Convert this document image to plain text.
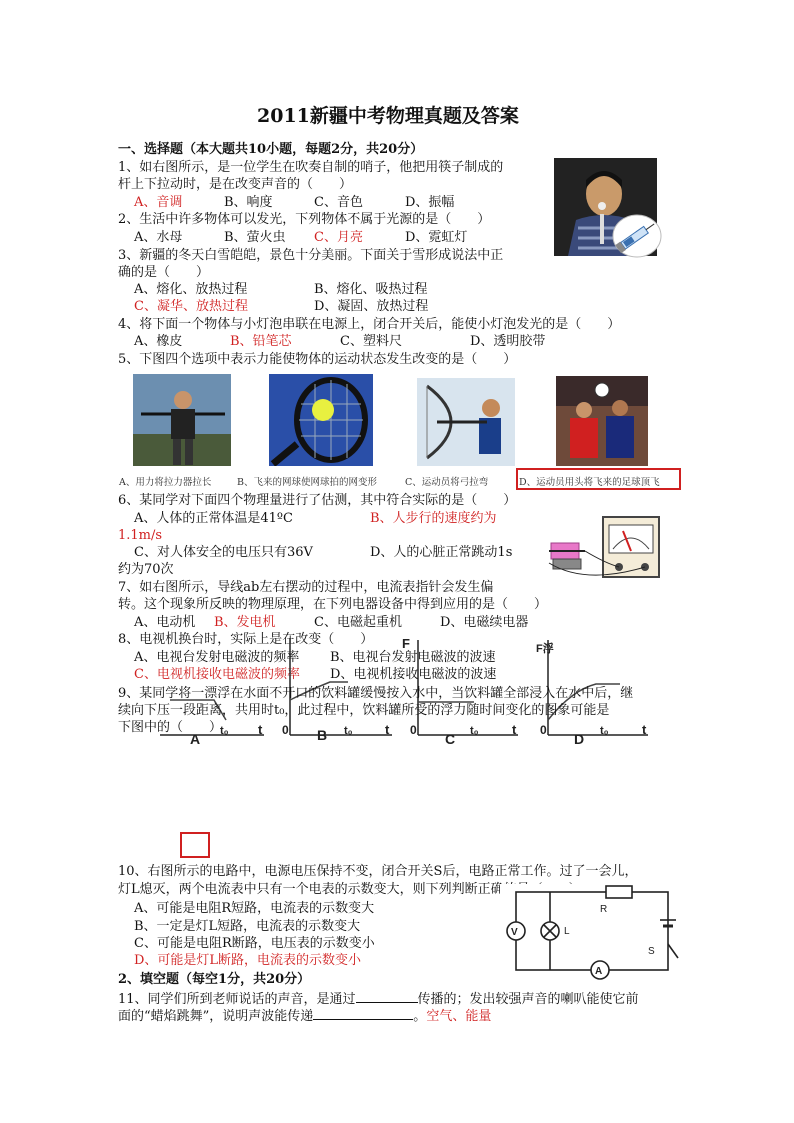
2011新疆中考物理真题及答案
一、选择题（本大题共10小题，每题2分，共20分）
1、如右图所示，是一位学生在吹奏自制的哨子，他把用筷子制成的
杆上下拉动时，是在改变声音的（　　）
A、音调	B、响度	C、音色	D、振幅
2、生活中许多物体可以发光，下列物体不属于光源的是（　　）
A、水母	B、萤火虫 C、月亮	D、霓虹灯
3、新疆的冬天白雪皑皑，景色十分美丽。下面关于雪形成说法中正
确的是（　　）
A、熔化、放热过程	B、熔化、吸热过程
C、凝华、放热过程	D、凝固、放热过程
4、将下面一个物体与小灯泡串联在电源上，闭合开关后，能使小灯泡发光的是（　　）
A、橡皮	B、铅笔芯	C、塑料尺	D、透明胶带
5、下图四个选项中表示力能使物体的运动状态发生改变的是（　　）
A、用力将拉力器拉长	B、飞来的网球使网球拍的网变形	C、运动员将弓拉弯	D、运动员用头将飞来的足球顶飞
6、某同学对下面四个物理量进行了估测，其中符合实际的是（　　）
A、人体的正常体温是41ºC	B、人步行的速度约为
1.1m/s
C、对人体安全的电压只有36V	D、人的心脏正常跳动1s
约为70次
7、如右图所示，导线ab左右摆动的过程中，电流表指针会发生偏
转。这个现象所反映的物理原理，在下列电器设备中得到应用的是（　　）
A、电动机 B、发电机	C、电磁起重机	D、电磁续电器
8、电视机换台时，实际上是在改变（　　）
A、电视台发射电磁波的频率 B、电视台发射电磁波的波速
C、电视机接收电磁波的频率 D、电视机接收电磁波的波速
A t₀ t
F
0 B t₀ t 0
C t₀	t
F浮
0
D t₀	t
9、某同学将一漂浮在水面不开口的饮料罐缓慢按入水中，当饮料罐全部浸入在水中后，继
续向下压一段距离，共用时t₀，此过程中，饮料罐所受的浮力随时间变化的图象可能是
下图中的（　　）
10、右图所示的电路中，电源电压保持不变，闭合开关S后，电路正常工作。过了一会儿，
灯L熄灭，两个电流表中只有一个电表的示数变大，则下列判断正确的是（　　）
A、可能是电阻R短路，电流表的示数变大
B、一定是灯L短路，电流表的示数变大
C、可能是电阻R断路，电压表的示数变小
D、可能是灯L断路，电流表的示数变小
V
A
R
L
S
2、填空题（每空1分，共20分）
11、同学们所到老师说话的声音，是通过	传播的；发出较强声音的喇叭能使它前
面的“蜡焰跳舞”，说明声波能传递	。空气、能量
